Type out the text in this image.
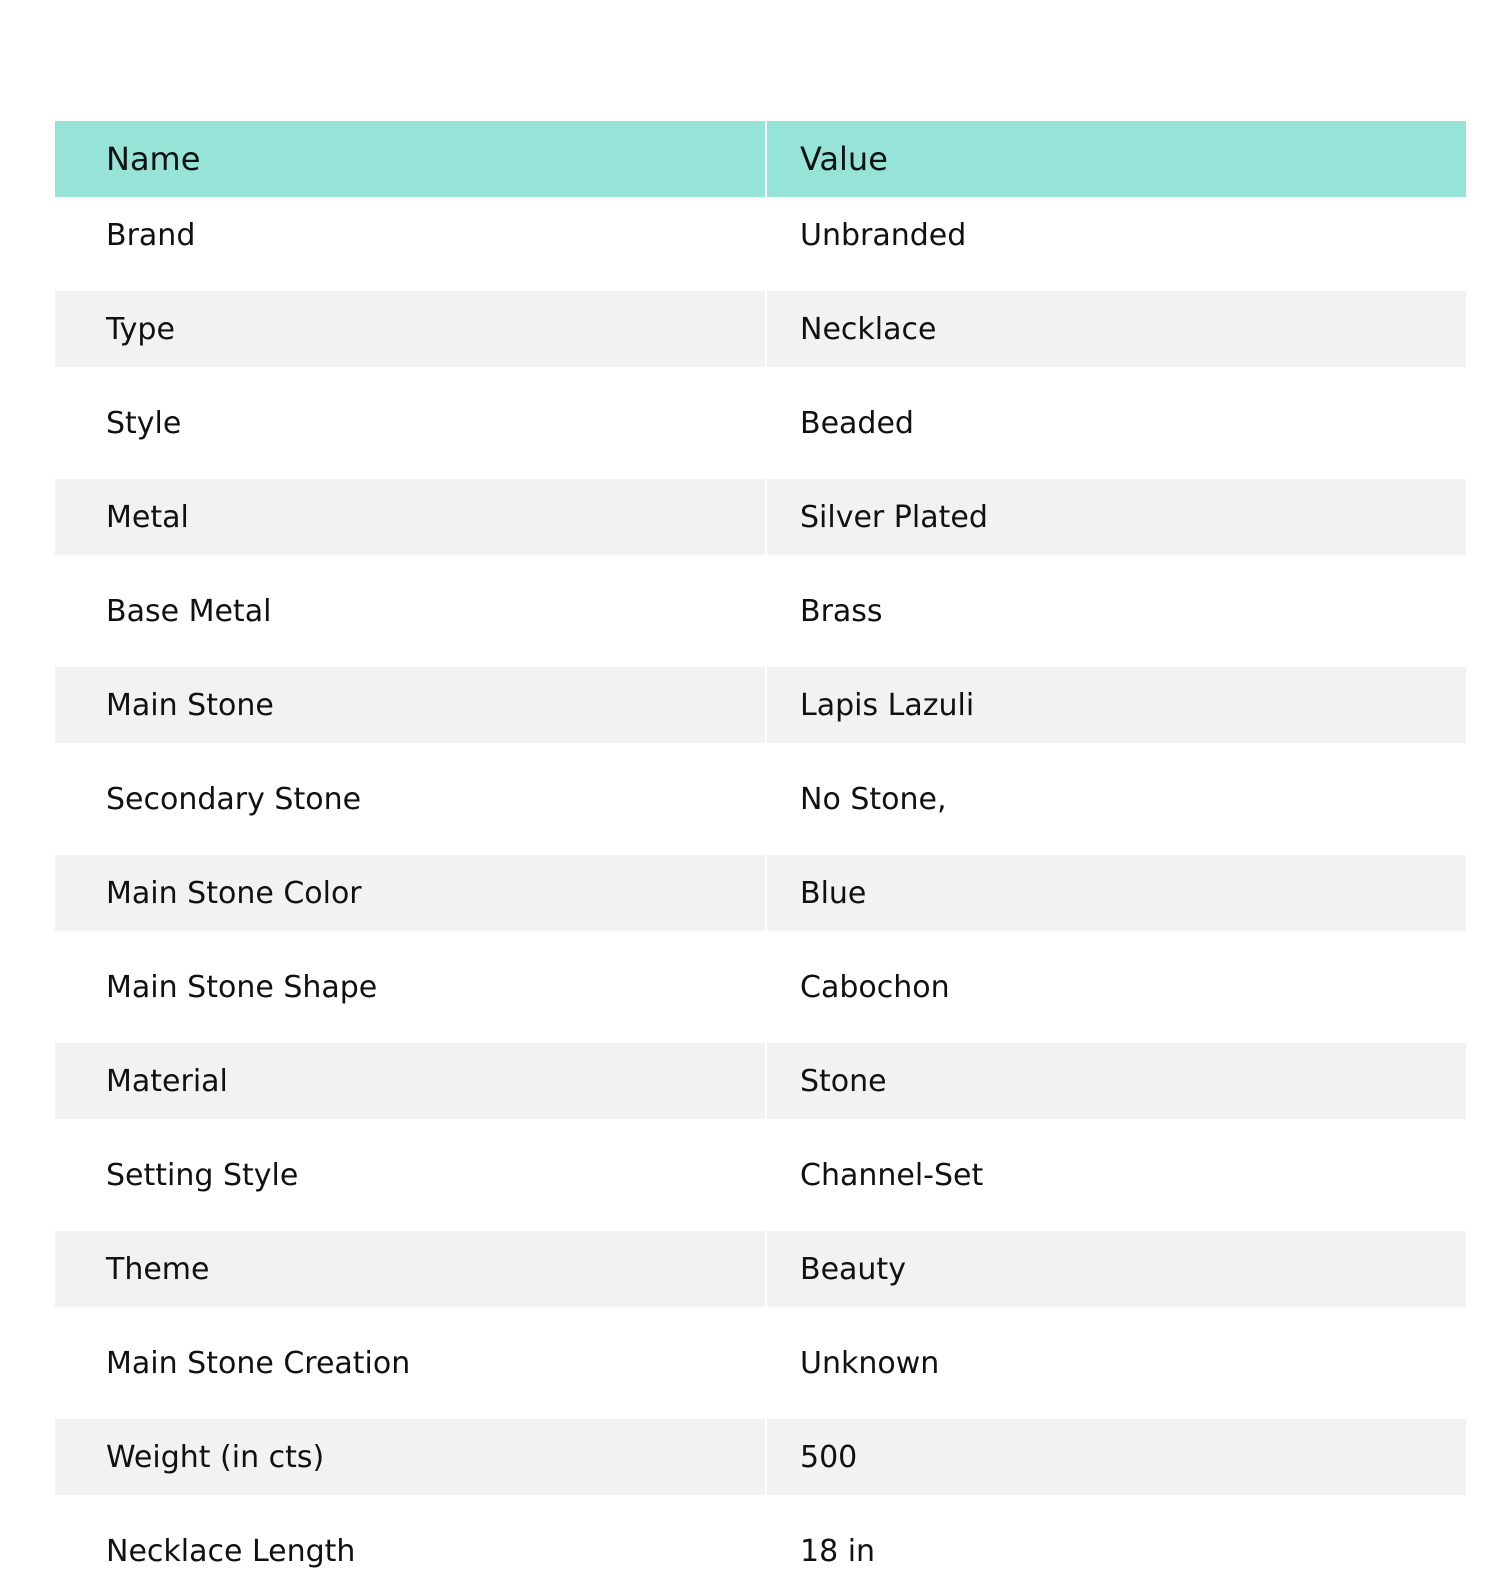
Name	Value
Brand	Unbranded

Type	Necklace

Style	Beaded

Metal	Silver Plated

Base Metal	Brass

Main Stone	Lapis Lazuli

Secondary Stone	No Stone,

Main Stone Color	Blue

Main Stone Shape	Cabochon

Material	Stone

Setting Style	Channel-Set

Theme	Beauty

Main Stone Creation	Unknown

Weight (in cts)	500

Necklace Length	18 in
